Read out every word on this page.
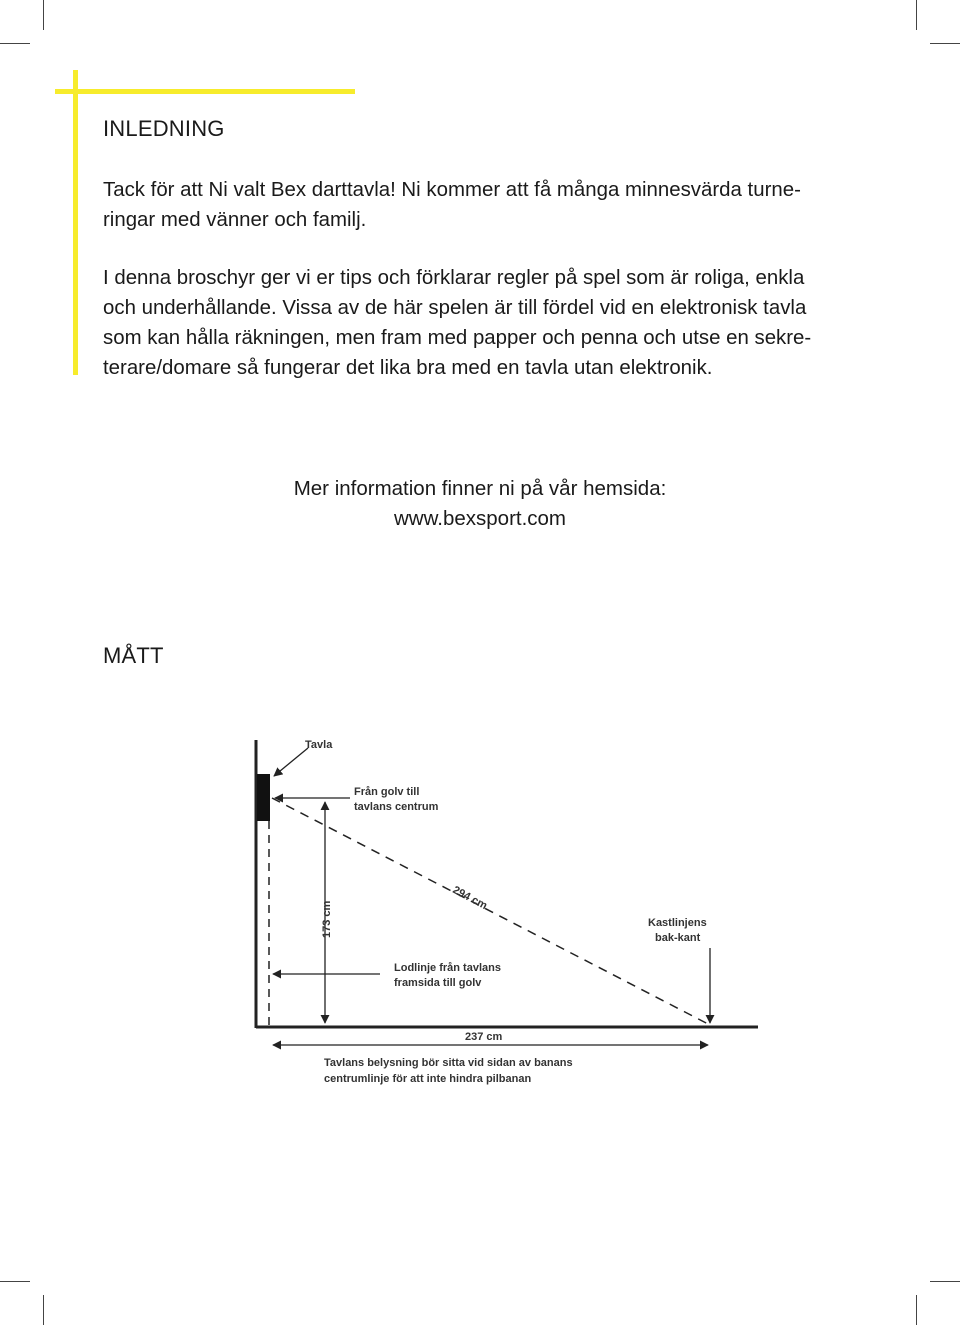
INLEDNING
Tack för att Ni valt Bex darttavla! Ni kommer att få många minnesvärda turne-
ringar med vänner och familj.
I denna broschyr ger vi er tips och förklarar regler på spel som är roliga, enkla
och underhållande. Vissa av de här spelen är till fördel vid en elektronisk tavla
som kan hålla räkningen, men fram med papper och penna och utse en sekre-
terare/domare så fungerar det lika bra med en tavla utan elektronik.
Mer information finner ni på vår hemsida:
www.bexsport.com
MÅTT
Tavla
Från golv till
tavlans centrum
173 cm
294 cm
Kastlinjens
bak-kant
Lodlinje från tavlans
framsida till golv
237 cm
Tavlans belysning bör sitta vid sidan av banans
centrumlinje för att inte hindra pilbanan
